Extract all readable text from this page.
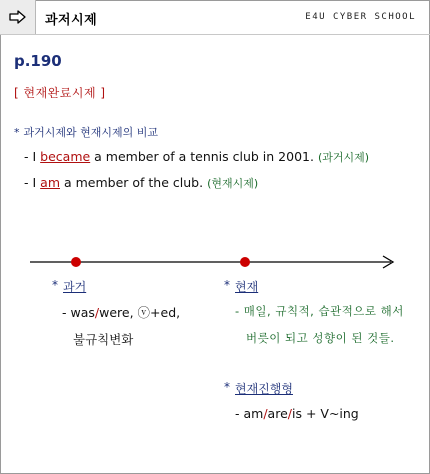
과저시제	E4U CYBER SCHOOL
p.190
[ 현재완료시제 ]
* 과거시제와 현재시제의 비교
- I became a member of a tennis club in 2001. (과거시제)
- I am a member of the club. (현재시제)
* 과거
- was/were, ⓥ+ed,
불규칙변화
* 현재
- 매일, 규칙적, 습관적으로 해서
버릇이 되고 성향이 된 것들.
* 현재진행형
- am/are/is + V~ing
